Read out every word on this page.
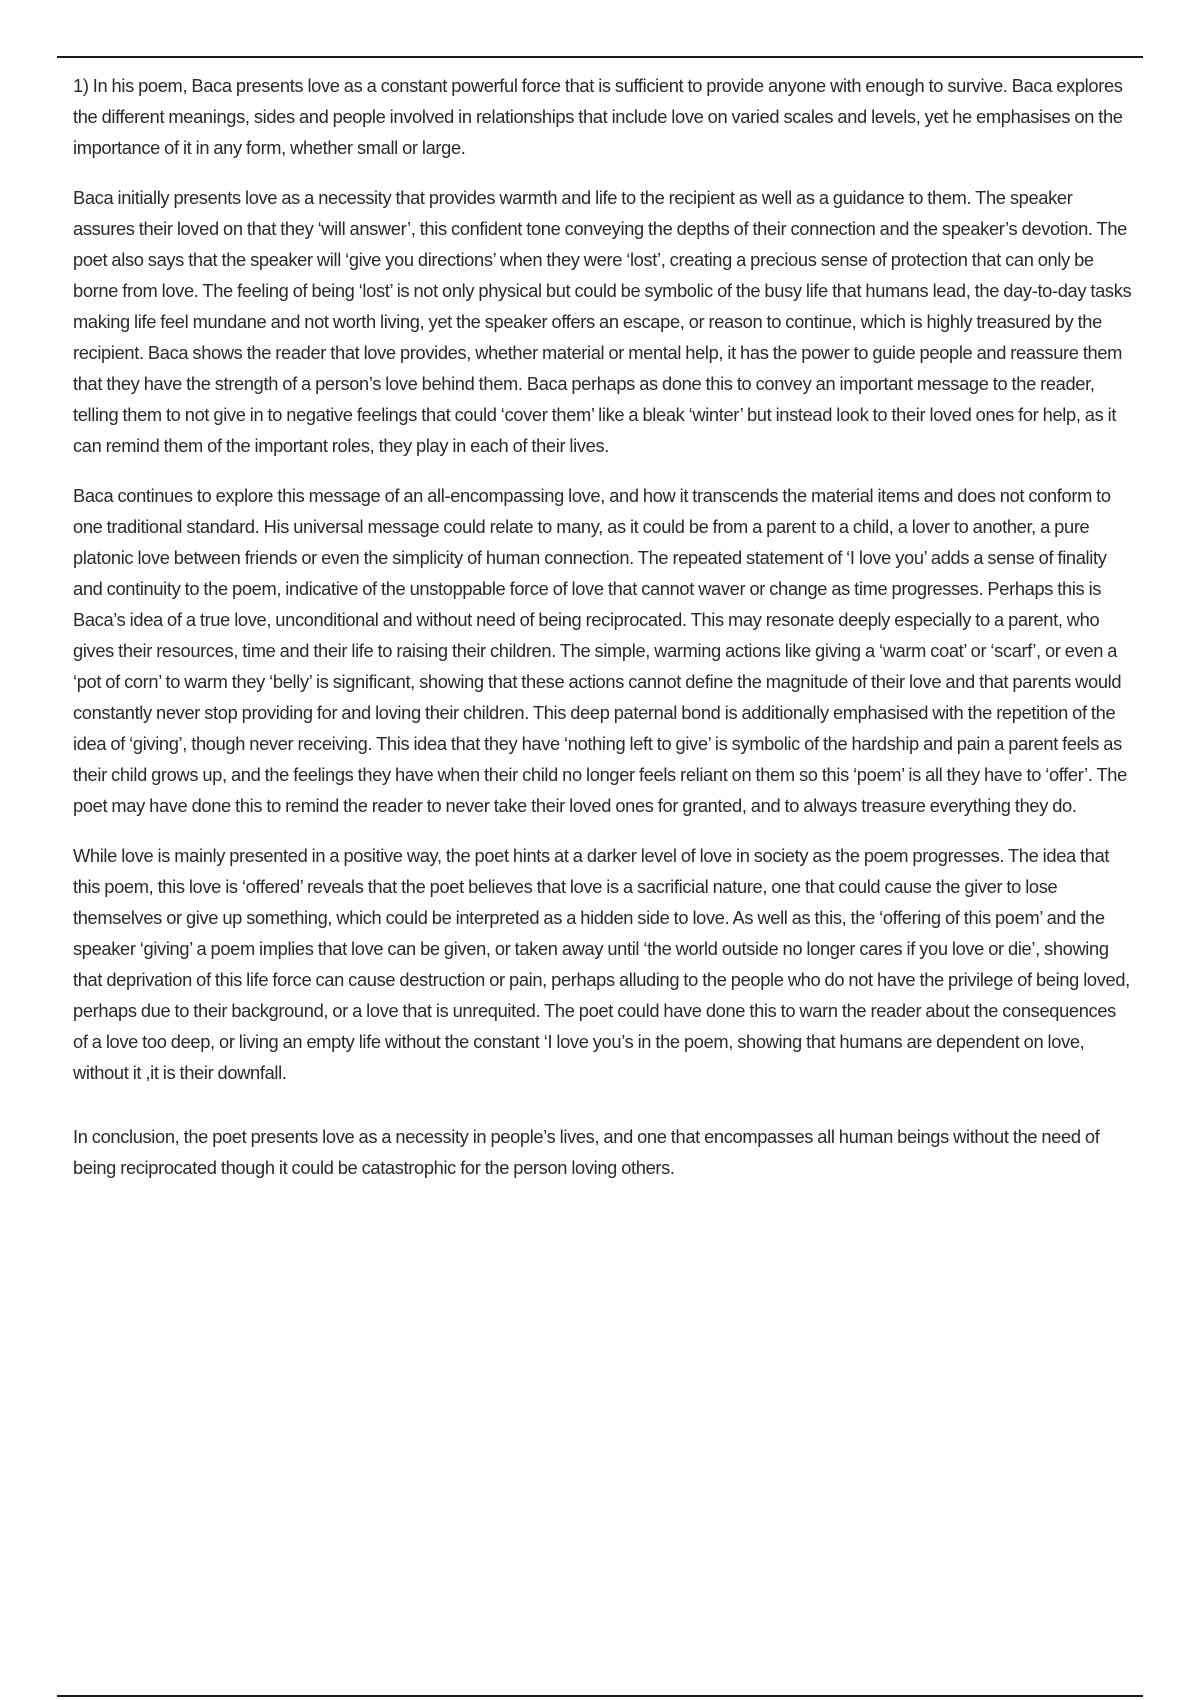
1) In his poem, Baca presents love as a constant powerful force that is sufficient to provide anyone with enough to survive. Baca explores the different meanings, sides and people involved in relationships that include love on varied scales and levels, yet he emphasises on the importance of it in any form, whether small or large.

Baca initially presents love as a necessity that provides warmth and life to the recipient as well as a guidance to them. The speaker assures their loved on that they ‘will answer’, this confident tone conveying the depths of their connection and the speaker’s devotion. The poet also says that the speaker will ‘give you directions’ when they were ‘lost’, creating a precious sense of protection that can only be borne from love. The feeling of being ‘lost’ is not only physical but could be symbolic of the busy life that humans lead, the day-to-day tasks making life feel mundane and not worth living, yet the speaker offers an escape, or reason to continue, which is highly treasured by the recipient. Baca shows the reader that love provides, whether material or mental help, it has the power to guide people and reassure them that they have the strength of a person’s love behind them. Baca perhaps as done this to convey an important message to the reader, telling them to not give in to negative feelings that could ‘cover them’ like a bleak ‘winter’ but instead look to their loved ones for help, as it can remind them of the important roles, they play in each of their lives.

Baca continues to explore this message of an all-encompassing love, and how it transcends the material items and does not conform to one traditional standard. His universal message could relate to many, as it could be from a parent to a child, a lover to another, a pure platonic love between friends or even the simplicity of human connection. The repeated statement of ‘I love you’ adds a sense of finality and continuity to the poem, indicative of the unstoppable force of love that cannot waver or change as time progresses. Perhaps this is Baca’s idea of a true love, unconditional and without need of being reciprocated. This may resonate deeply especially to a parent, who gives their resources, time and their life to raising their children. The simple, warming actions like giving a ‘warm coat’ or ‘scarf’, or even a ‘pot of corn’ to warm they ‘belly’ is significant, showing that these actions cannot define the magnitude of their love and that parents would constantly never stop providing for and loving their children. This deep paternal bond is additionally emphasised with the repetition of the idea of ‘giving’, though never receiving. This idea that they have ‘nothing left to give’ is symbolic of the hardship and pain a parent feels as their child grows up, and the feelings they have when their child no longer feels reliant on them so this ‘poem’ is all they have to ‘offer’. The poet may have done this to remind the reader to never take their loved ones for granted, and to always treasure everything they do.

While love is mainly presented in a positive way, the poet hints at a darker level of love in society as the poem progresses. The idea that this poem, this love is ‘offered’ reveals that the poet believes that love is a sacrificial nature, one that could cause the giver to lose themselves or give up something, which could be interpreted as a hidden side to love. As well as this, the ‘offering of this poem’ and the speaker ‘giving’ a poem implies that love can be given, or taken away until ‘the world outside no longer cares if you love or die’, showing that deprivation of this life force can cause destruction or pain, perhaps alluding to the people who do not have the privilege of being loved, perhaps due to their background, or a love that is unrequited. The poet could have done this to warn the reader about the consequences of a love too deep, or living an empty life without the constant ‘I love you’s in the poem, showing that humans are dependent on love, without it ,it is their downfall.

In conclusion, the poet presents love as a necessity in people’s lives, and one that encompasses all human beings without the need of being reciprocated though it could be catastrophic for the person loving others.
